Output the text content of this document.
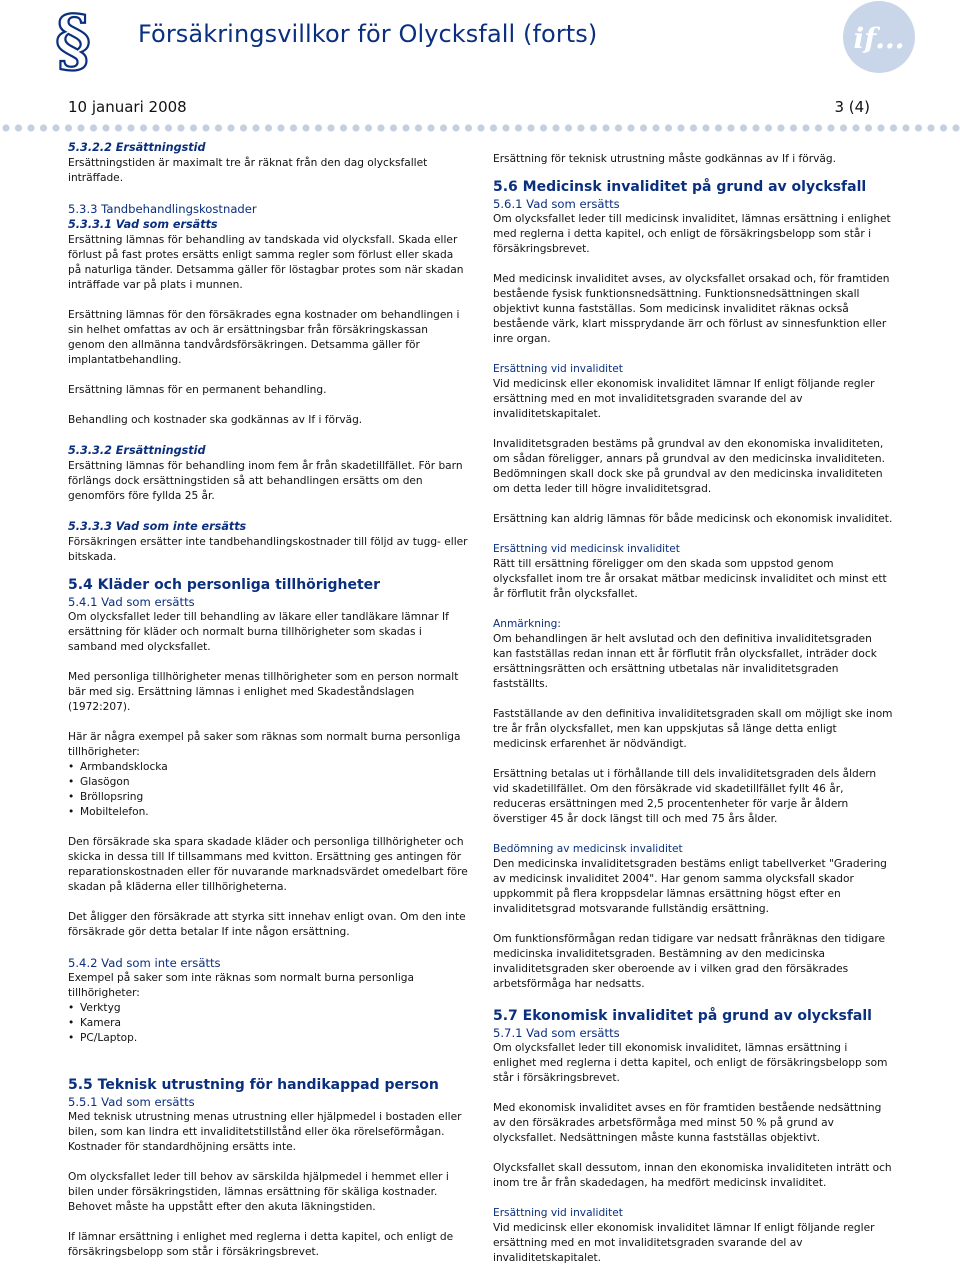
§ Försäkringsvillkor för Olycksfall (forts)	if...
10 januari 2008	3 (4)

5.3.2.2 Ersättningstid

Ersättningstiden är maximalt tre år räknat från den dag olycksfallet inträffade.

5.3.3 Tandbehandlingskostnader

5.3.3.1 Vad som ersätts

Ersättning lämnas för behandling av tandskada vid olycksfall. Skada eller förlust på fast protes ersätts enligt samma regler som förlust eller skada på naturliga tänder. Detsamma gäller för löstagbar protes som när skadan inträffade var på plats i munnen.

Ersättning lämnas för den försäkrades egna kostnader om behandlingen i sin helhet omfattas av och är ersättningsbar från försäkringskassan genom den allmänna tandvårdsförsäkringen. Detsamma gäller för implantatbehandling.

Ersättning lämnas för en permanent behandling.

Behandling och kostnader ska godkännas av If i förväg.

5.3.3.2 Ersättningstid

Ersättning lämnas för behandling inom fem år från skadetillfället. För barn förlängs dock ersättningstiden så att behandlingen ersätts om den genomförs före fyllda 25 år.

5.3.3.3 Vad som inte ersätts

Försäkringen ersätter inte tandbehandlingskostnader till följd av tugg- eller bitskada.

5.4 Kläder och personliga tillhörigheter

5.4.1 Vad som ersätts

Om olycksfallet leder till behandling av läkare eller tandläkare lämnar If ersättning för kläder och normalt burna tillhörigheter som skadas i samband med olycksfallet.

Med personliga tillhörigheter menas tillhörigheter som en person normalt bär med sig. Ersättning lämnas i enlighet med Skadeståndslagen (1972:207).

Här är några exempel på saker som räknas som normalt burna personliga tillhörigheter:

• Armbandsklocka
• Glasögon
• Bröllopsring
• Mobiltelefon.

Den försäkrade ska spara skadade kläder och personliga tillhörigheter och skicka in dessa till If tillsammans med kvitton. Ersättning ges antingen för reparationskostnaden eller för nuvarande marknadsvärdet omedelbart före skadan på kläderna eller tillhörigheterna.

Det åligger den försäkrade att styrka sitt innehav enligt ovan. Om den inte försäkrade gör detta betalar If inte någon ersättning.

5.4.2 Vad som inte ersätts

Exempel på saker som inte räknas som normalt burna personliga tillhörigheter:

• Verktyg
• Kamera
• PC/Laptop.

5.5 Teknisk utrustning för handikappad person

5.5.1 Vad som ersätts

Med teknisk utrustning menas utrustning eller hjälpmedel i bostaden eller bilen, som kan lindra ett invaliditetstillstånd eller öka rörelseförmågan. Kostnader för standardhöjning ersätts inte.

Om olycksfallet leder till behov av särskilda hjälpmedel i hemmet eller i bilen under försäkringstiden, lämnas ersättning för skäliga kostnader. Behovet måste ha uppstått efter den akuta läkningstiden.

If lämnar ersättning i enlighet med reglerna i detta kapitel, och enligt de försäkringsbelopp som står i försäkringsbrevet.

Ersättning för teknisk utrustning måste godkännas av If i förväg.

5.6 Medicinsk invaliditet på grund av olycksfall

5.6.1 Vad som ersätts

Om olycksfallet leder till medicinsk invaliditet, lämnas ersättning i enlighet med reglerna i detta kapitel, och enligt de försäkringsbelopp som står i försäkringsbrevet.

Med medicinsk invaliditet avses, av olycksfallet orsakad och, för framtiden bestående fysisk funktionsnedsättning. Funktionsnedsättningen skall objektivt kunna fastställas. Som medicinsk invaliditet räknas också bestående värk, klart missprydande ärr och förlust av sinnesfunktion eller inre organ.

Ersättning vid invaliditet

Vid medicinsk eller ekonomisk invaliditet lämnar If enligt följande regler ersättning med en mot invaliditetsgraden svarande del av invaliditetskapitalet.

Invaliditetsgraden bestäms på grundval av den ekonomiska invaliditeten, om sådan föreligger, annars på grundval av den medicinska invaliditeten. Bedömningen skall dock ske på grundval av den medicinska invaliditeten om detta leder till högre invaliditetsgrad.

Ersättning kan aldrig lämnas för både medicinsk och ekonomisk invaliditet.

Ersättning vid medicinsk invaliditet

Rätt till ersättning föreligger om den skada som uppstod genom olycksfallet inom tre år orsakat mätbar medicinsk invaliditet och minst ett år förflutit från olycksfallet.

Anmärkning:

Om behandlingen är helt avslutad och den definitiva invaliditetsgraden kan fastställas redan innan ett år förflutit från olycksfallet, inträder dock ersättningsrätten och ersättning utbetalas när invaliditetsgraden fastställts.

Fastställande av den definitiva invaliditetsgraden skall om möjligt ske inom tre år från olycksfallet, men kan uppskjutas så länge detta enligt medicinsk erfarenhet är nödvändigt.

Ersättning betalas ut i förhållande till dels invaliditetsgraden dels åldern vid skadetillfället. Om den försäkrade vid skadetillfället fyllt 46 år, reduceras ersättningen med 2,5 procentenheter för varje år åldern överstiger 45 år dock längst till och med 75 års ålder.

Bedömning av medicinsk invaliditet

Den medicinska invaliditetsgraden bestäms enligt tabellverket "Gradering av medicinsk invaliditet 2004". Har genom samma olycksfall skador uppkommit på flera kroppsdelar lämnas ersättning högst efter en invaliditetsgrad motsvarande fullständig ersättning.

Om funktionsförmågan redan tidigare var nedsatt frånräknas den tidigare medicinska invaliditetsgraden. Bestämning av den medicinska invaliditetsgraden sker oberoende av i vilken grad den försäkrades arbetsförmåga har nedsatts.

5.7 Ekonomisk invaliditet på grund av olycksfall

5.7.1 Vad som ersätts

Om olycksfallet leder till ekonomisk invaliditet, lämnas ersättning i enlighet med reglerna i detta kapitel, och enligt de försäkringsbelopp som står i försäkringsbrevet.

Med ekonomisk invaliditet avses en för framtiden bestående nedsättning av den försäkrades arbetsförmåga med minst 50 % på grund av olycksfallet. Nedsättningen måste kunna fastställas objektivt.

Olycksfallet skall dessutom, innan den ekonomiska invaliditeten inträtt och inom tre år från skadedagen, ha medfört medicinsk invaliditet.

Ersättning vid invaliditet

Vid medicinsk eller ekonomisk invaliditet lämnar If enligt följande regler ersättning med en mot invaliditetsgraden svarande del av invaliditetskapitalet.
